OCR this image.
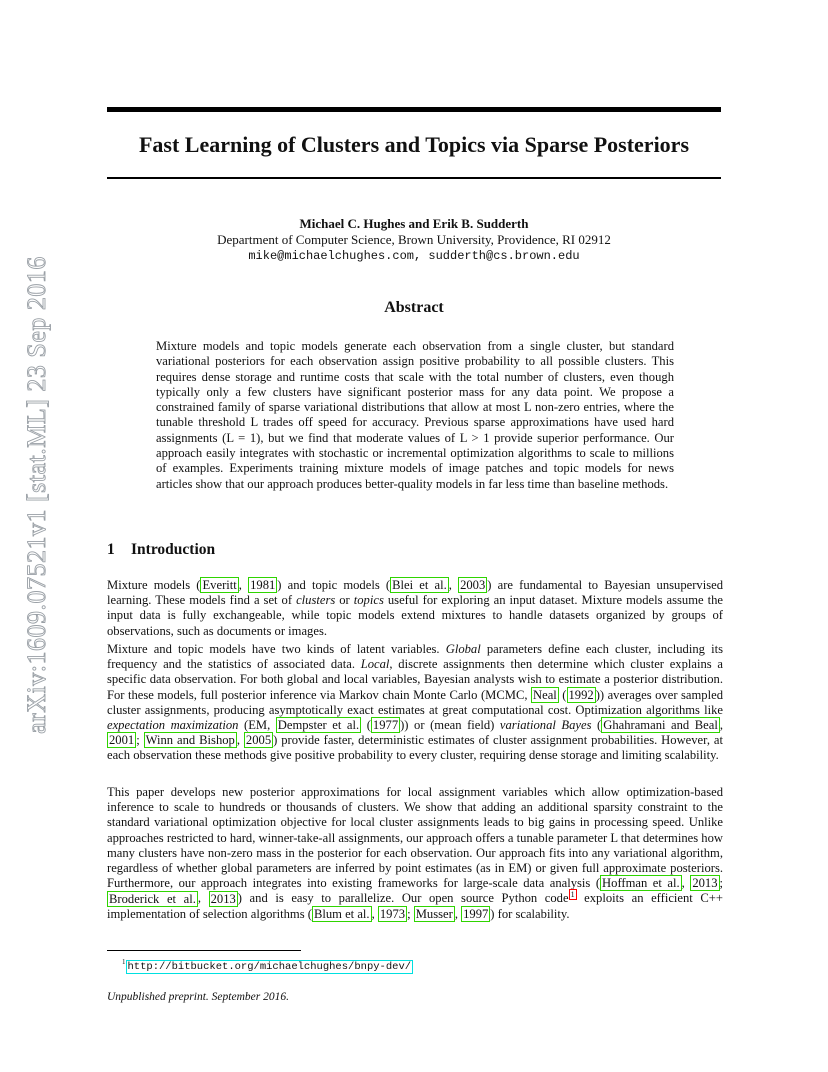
arXiv:1609.07521v1 [stat.ML] 23 Sep 2016
Fast Learning of Clusters and Topics via Sparse Posteriors
Michael C. Hughes and Erik B. Sudderth
Department of Computer Science, Brown University, Providence, RI 02912
mike@michaelchughes.com, sudderth@cs.brown.edu
Abstract

Mixture models and topic models generate each observation from a single cluster, but standard variational posteriors for each observation assign positive probability to all possible clusters. This requires dense storage and runtime costs that scale with the total number of clusters, even though typically only a few clusters have significant posterior mass for any data point. We propose a constrained family of sparse variational distributions that allow at most L non-zero entries, where the tunable threshold L trades off speed for accuracy. Previous sparse approximations have used hard assignments (L = 1), but we find that moderate values of L > 1 provide superior performance. Our approach easily integrates with stochastic or incremental optimization algorithms to scale to millions of examples. Experiments training mixture models of image patches and topic models for news articles show that our approach produces better-quality models in far less time than baseline methods.

1 Introduction

Mixture models ( Everitt , 1981 ) and topic models ( Blei et al. , 2003 ) are fundamental to Bayesian unsupervised learning. These models find a set of clusters or topics useful for exploring an input dataset. Mixture models assume the input data is fully exchangeable, while topic models extend mixtures to handle datasets organized by groups of observations, such as documents or images.

Mixture and topic models have two kinds of latent variables. Global parameters define each cluster, including its frequency and the statistics of associated data. Local, discrete assignments then determine which cluster explains a specific data observation. For both global and local variables, Bayesian analysts wish to estimate a posterior distribution. For these models, full posterior inference via Markov chain Monte Carlo (MCMC, Neal ( 1992 )) averages over sampled cluster assignments, producing asymptotically exact estimates at great computational cost. Optimization algorithms like expectation maximization (EM, Dempster et al. ( 1977 )) or (mean field) variational Bayes ( Ghahramani and Beal , 2001 ; Winn and Bishop , 2005 ) provide faster, deterministic estimates of cluster assignment probabilities. However, at each observation these methods give positive probability to every cluster, requiring dense storage and limiting scalability.

This paper develops new posterior approximations for local assignment variables which allow optimization-based inference to scale to hundreds or thousands of clusters. We show that adding an additional sparsity constraint to the standard variational optimization objective for local cluster assignments leads to big gains in processing speed. Unlike approaches restricted to hard, winner-take-all assignments, our approach offers a tunable parameter L that determines how many clusters have non-zero mass in the posterior for each observation. Our approach fits into any variational algorithm, regardless of whether global parameters are inferred by point estimates (as in EM) or given full approximate posteriors. Furthermore, our approach integrates into existing frameworks for large-scale data analysis ( Hoffman et al. , 2013 ; Broderick et al. , 2013 ) and is easy to parallelize. Our open source Python code $^1$ exploits an efficient C++ implementation of selection algorithms ( Blum et al. , 1973 ; Musser , 1997 ) for scalability.

$^1$ http://bitbucket.org/michaelchughes/bnpy-dev/
Unpublished preprint. September 2016.
